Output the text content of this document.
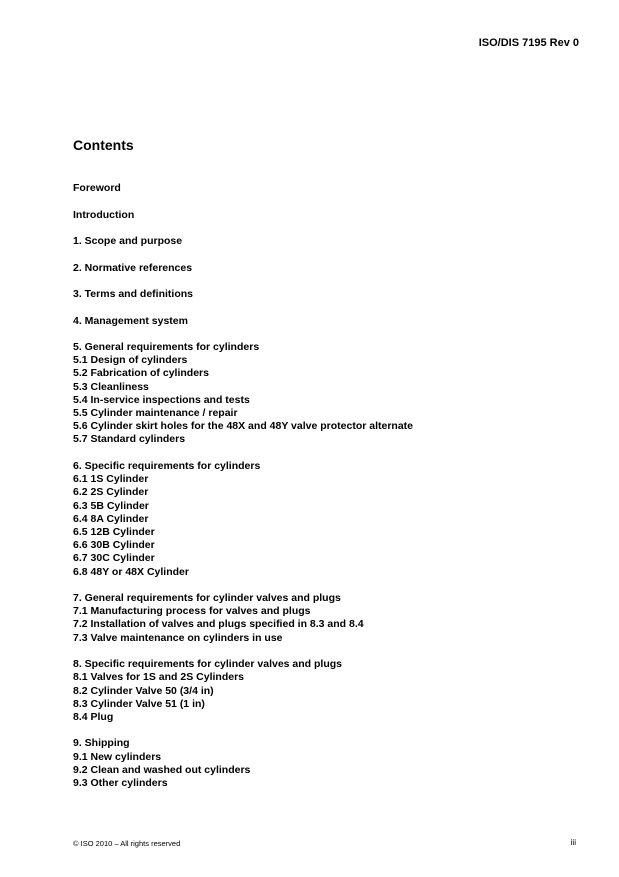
ISO/DIS 7195 Rev 0
Contents
Foreword
Introduction
1. Scope and purpose
2. Normative references
3. Terms and definitions
4. Management system
5. General requirements for cylinders
5.1 Design of cylinders
5.2 Fabrication of cylinders
5.3 Cleanliness
5.4 In-service inspections and tests
5.5 Cylinder maintenance / repair
5.6 Cylinder skirt holes for the 48X and 48Y valve protector alternate
5.7 Standard cylinders
6. Specific requirements for cylinders
6.1 1S Cylinder
6.2 2S Cylinder
6.3 5B Cylinder
6.4 8A Cylinder
6.5 12B Cylinder
6.6 30B Cylinder
6.7 30C Cylinder
6.8 48Y or 48X Cylinder
7. General requirements for cylinder valves and plugs
7.1 Manufacturing process for valves and plugs
7.2 Installation of valves and plugs specified in 8.3 and 8.4
7.3 Valve maintenance on cylinders in use
8. Specific requirements for cylinder valves and plugs
8.1 Valves for 1S and 2S Cylinders
8.2 Cylinder Valve 50 (3/4 in)
8.3 Cylinder Valve 51 (1 in)
8.4 Plug
9. Shipping
9.1 New cylinders
9.2 Clean and washed out cylinders
9.3 Other cylinders
© ISO 2010 – All rights reserved	iii
